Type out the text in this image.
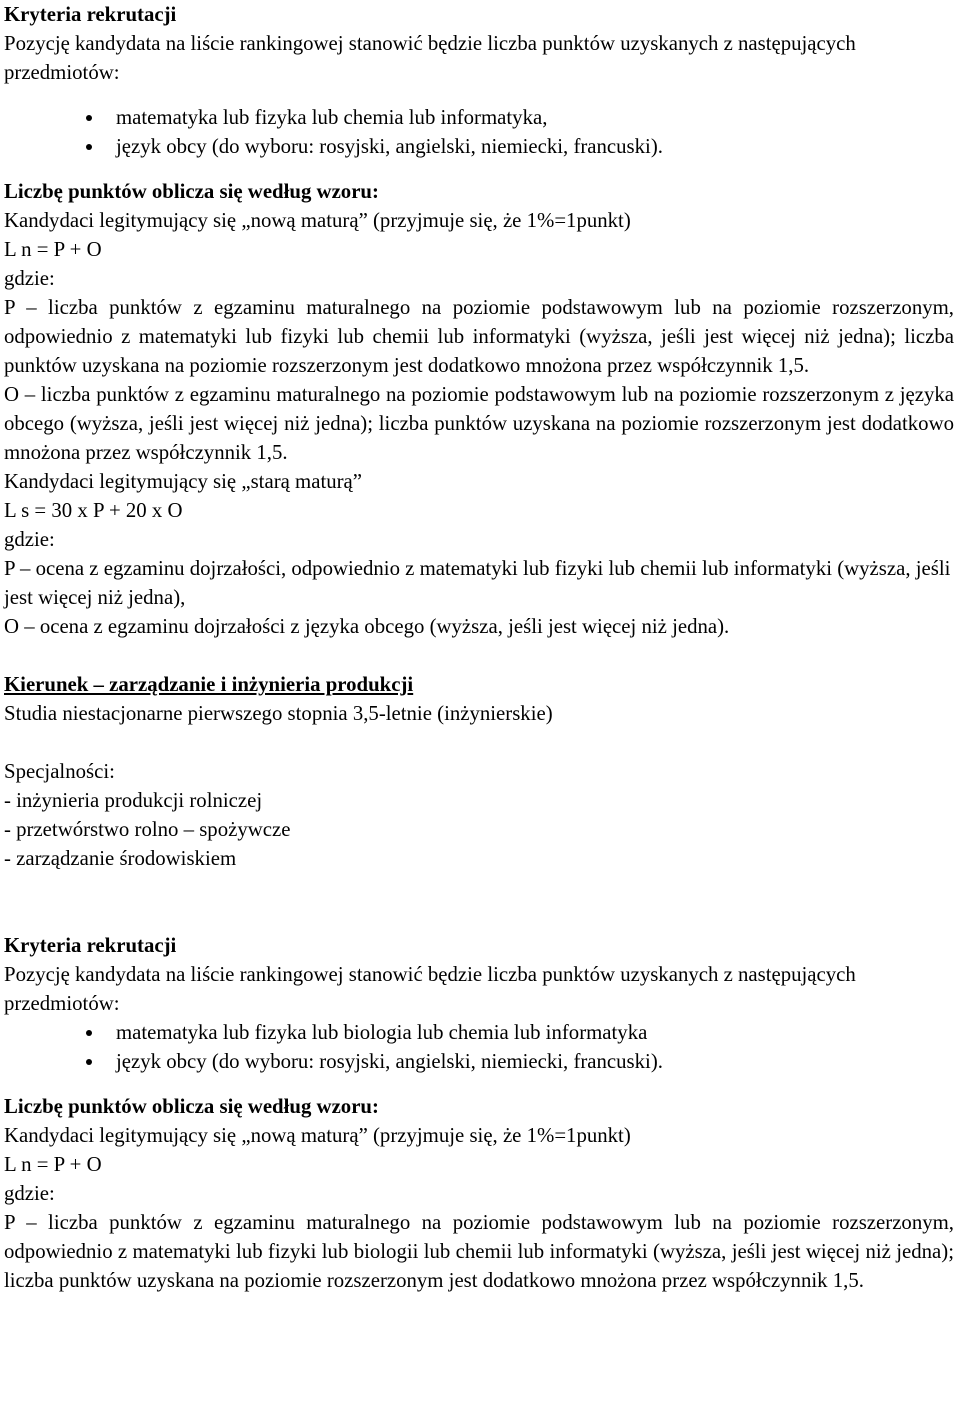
Kryteria rekrutacji

Pozycję kandydata na liście rankingowej stanowić będzie liczba punktów uzyskanych z następujących przedmiotów:

matematyka lub fizyka lub chemia lub informatyka,
język obcy (do wyboru: rosyjski, angielski, niemiecki, francuski).

Liczbę punktów oblicza się według wzoru:

Kandydaci legitymujący się „nową maturą” (przyjmuje się, że 1%=1punkt)

L n = P + O

gdzie:

P – liczba punktów z egzaminu maturalnego na poziomie podstawowym lub na poziomie rozszerzonym, odpowiednio z matematyki lub fizyki lub chemii lub informatyki (wyższa, jeśli jest więcej niż jedna); liczba punktów uzyskana na poziomie rozszerzonym jest dodatkowo mnożona przez współczynnik 1,5.

O – liczba punktów z egzaminu maturalnego na poziomie podstawowym lub na poziomie rozszerzonym z języka obcego (wyższa, jeśli jest więcej niż jedna); liczba punktów uzyskana na poziomie rozszerzonym jest dodatkowo mnożona przez współczynnik 1,5.

Kandydaci legitymujący się „starą maturą”

L s = 30 x P + 20 x O

gdzie:

P – ocena z egzaminu dojrzałości, odpowiednio z matematyki lub fizyki lub chemii lub informatyki (wyższa, jeśli jest więcej niż jedna),

O – ocena z egzaminu dojrzałości z języka obcego (wyższa, jeśli jest więcej niż jedna).

Kierunek – zarządzanie i inżynieria produkcji

Studia niestacjonarne pierwszego stopnia 3,5-letnie (inżynierskie)

Specjalności:

- inżynieria produkcji rolniczej

- przetwórstwo rolno – spożywcze

- zarządzanie środowiskiem

Kryteria rekrutacji

Pozycję kandydata na liście rankingowej stanowić będzie liczba punktów uzyskanych z następujących przedmiotów:

matematyka lub fizyka lub biologia lub chemia lub informatyka
język obcy (do wyboru: rosyjski, angielski, niemiecki, francuski).

Liczbę punktów oblicza się według wzoru:

Kandydaci legitymujący się „nową maturą” (przyjmuje się, że 1%=1punkt)

L n = P + O

gdzie:

P – liczba punktów z egzaminu maturalnego na poziomie podstawowym lub na poziomie rozszerzonym, odpowiednio z matematyki lub fizyki lub biologii lub chemii lub informatyki (wyższa, jeśli jest więcej niż jedna); liczba punktów uzyskana na poziomie rozszerzonym jest dodatkowo mnożona przez współczynnik 1,5.
